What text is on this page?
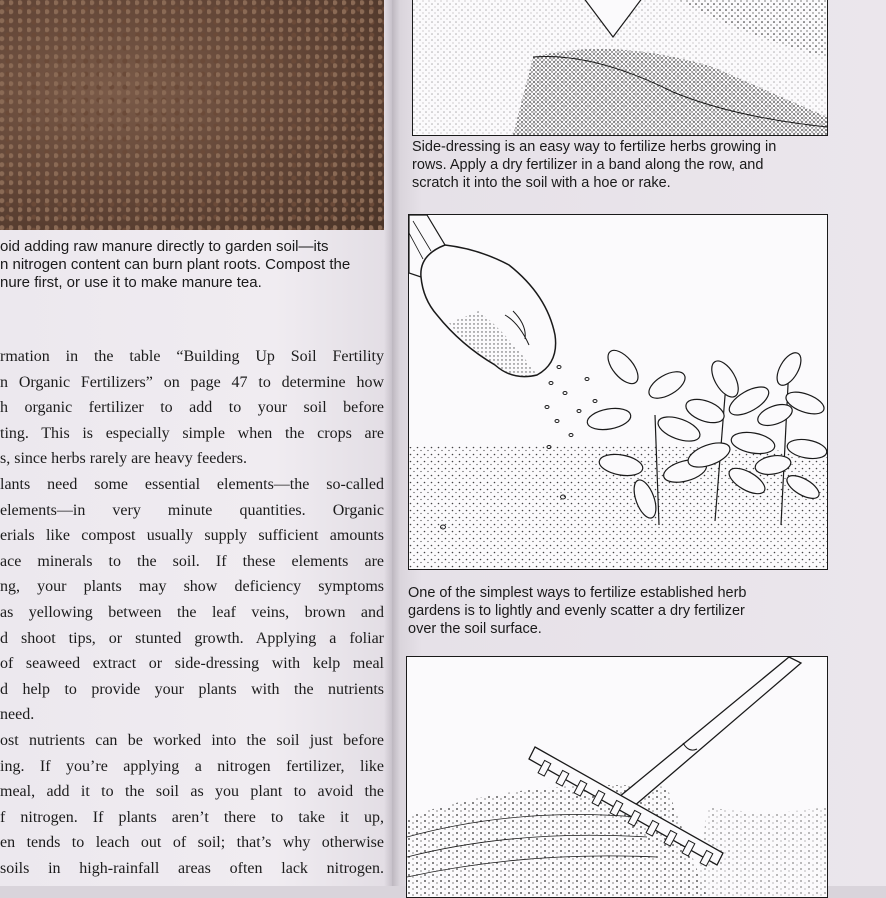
oid adding raw manure directly to garden soil—its
n nitrogen content can burn plant roots. Compost the
nure first, or use it to make manure tea.

rmation in the table “Building Up Soil Fertility
n Organic Fertilizers” on page 47 to determine how
h organic fertilizer to add to your soil before
ting. This is especially simple when the crops are
s, since herbs rarely are heavy feeders.
lants need some essential elements—the so-called
elements—in very minute quantities. Organic
erials like compost usually supply sufficient amounts
ace minerals to the soil. If these elements are
ng, your plants may show deficiency symptoms
as yellowing between the leaf veins, brown and
d shoot tips, or stunted growth. Applying a foliar
of seaweed extract or side-dressing with kelp meal
d help to provide your plants with the nutrients
need.
ost nutrients can be worked into the soil just before
ing. If you’re applying a nitrogen fertilizer, like
meal, add it to the soil as you plant to avoid the
f nitrogen. If plants aren’t there to take it up,
en tends to leach out of soil; that’s why otherwise
soils in high-rainfall areas often lack nitrogen.

Side-dressing is an easy way to fertilize herbs growing in
rows. Apply a dry fertilizer in a band along the row, and
scratch it into the soil with a hoe or rake.

One of the simplest ways to fertilize established herb
gardens is to lightly and evenly scatter a dry fertilizer
over the soil surface.
